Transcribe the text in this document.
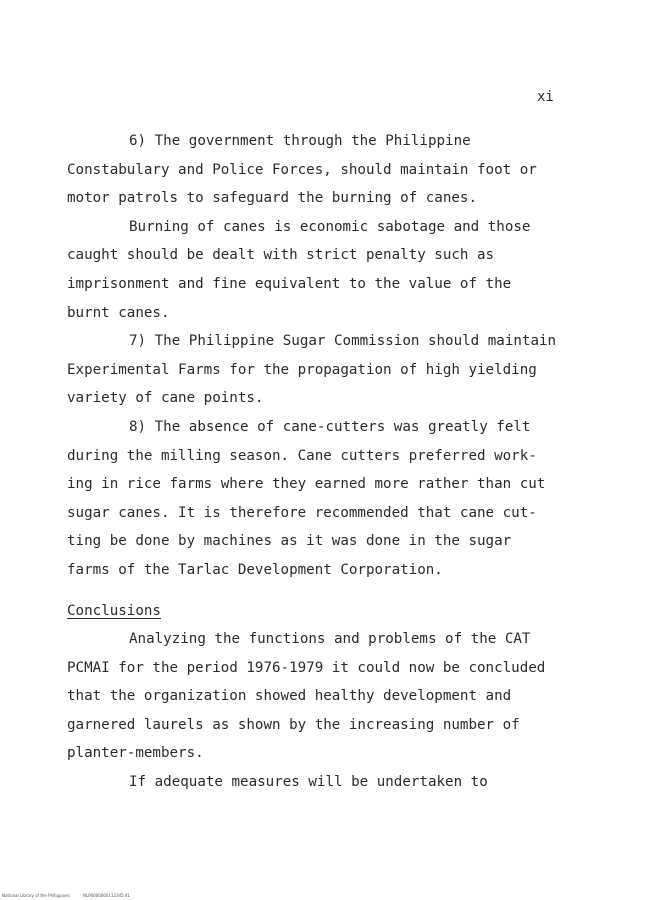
xi
6) The government through the Philippine
Constabulary and Police Forces, should maintain foot or
motor patrols to safeguard the burning of canes.
Burning of canes is economic sabotage and those
caught should be dealt with strict penalty such as
imprisonment and fine equivalent to the value of the
burnt canes.
7) The Philippine Sugar Commission should maintain
Experimental Farms for the propagation of high yielding
variety of cane points.
8) The absence of cane-cutters was greatly felt
during the milling season. Cane cutters preferred work-
ing in rice farms where they earned more rather than cut
sugar canes. It is therefore recommended that cane cut-
ting be done by machines as it was done in the sugar
farms of the Tarlac Development Corporation.
Conclusions
Analyzing the functions and problems of the CAT
PCMAI for the period 1976-1979 it could now be concluded
that the organization showed healthy development and
garnered laurels as shown by the increasing number of
planter-members.
If adequate measures will be undertaken to
National Library of the Philippines	NLP0000000112345 ll1
